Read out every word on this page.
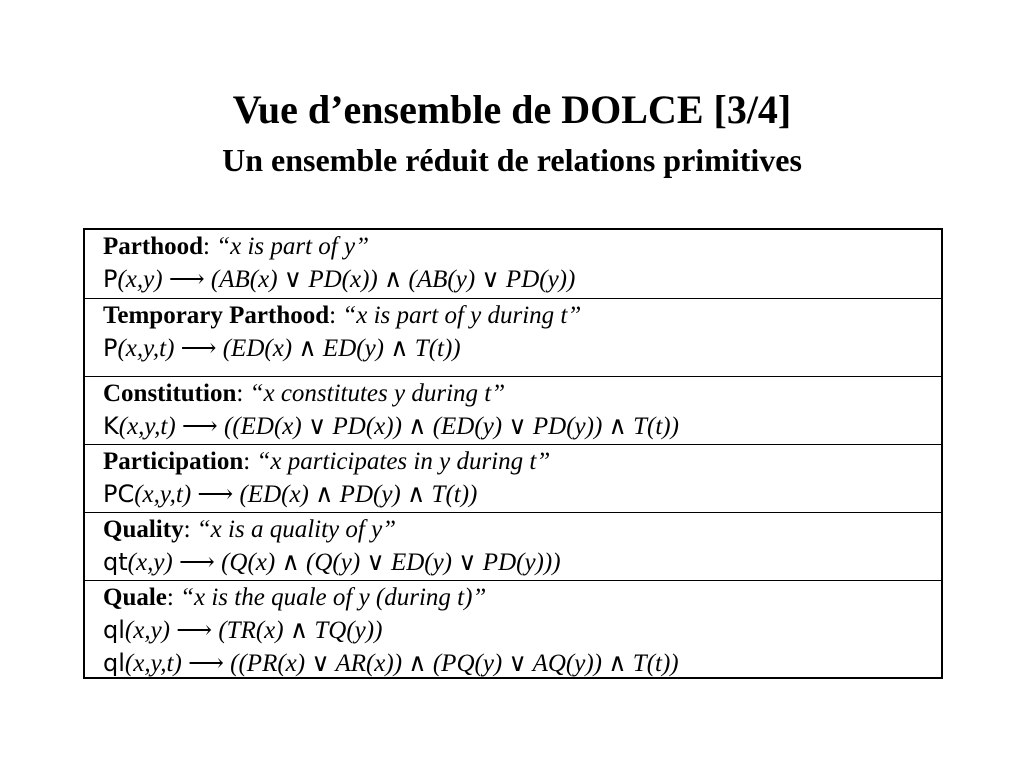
Vue d’ensemble de DOLCE [3/4]
Un ensemble réduit de relations primitives
Parthood: “x is part of y”
P(x,y) ⟶ (AB(x) ∨ PD(x)) ∧ (AB(y) ∨ PD(y))
Temporary Parthood: “x is part of y during t”
P(x,y,t) ⟶ (ED(x) ∧ ED(y) ∧ T(t))
Constitution: “x constitutes y during t”
K(x,y,t) ⟶ ((ED(x) ∨ PD(x)) ∧ (ED(y) ∨ PD(y)) ∧ T(t))
Participation: “x participates in y during t”
PC(x,y,t) ⟶ (ED(x) ∧ PD(y) ∧ T(t))
Quality: “x is a quality of y”
qt(x,y) ⟶ (Q(x) ∧ (Q(y) ∨ ED(y) ∨ PD(y)))
Quale: “x is the quale of y (during t)”
ql(x,y) ⟶ (TR(x) ∧ TQ(y))
ql(x,y,t) ⟶ ((PR(x) ∨ AR(x)) ∧ (PQ(y) ∨ AQ(y)) ∧ T(t))
